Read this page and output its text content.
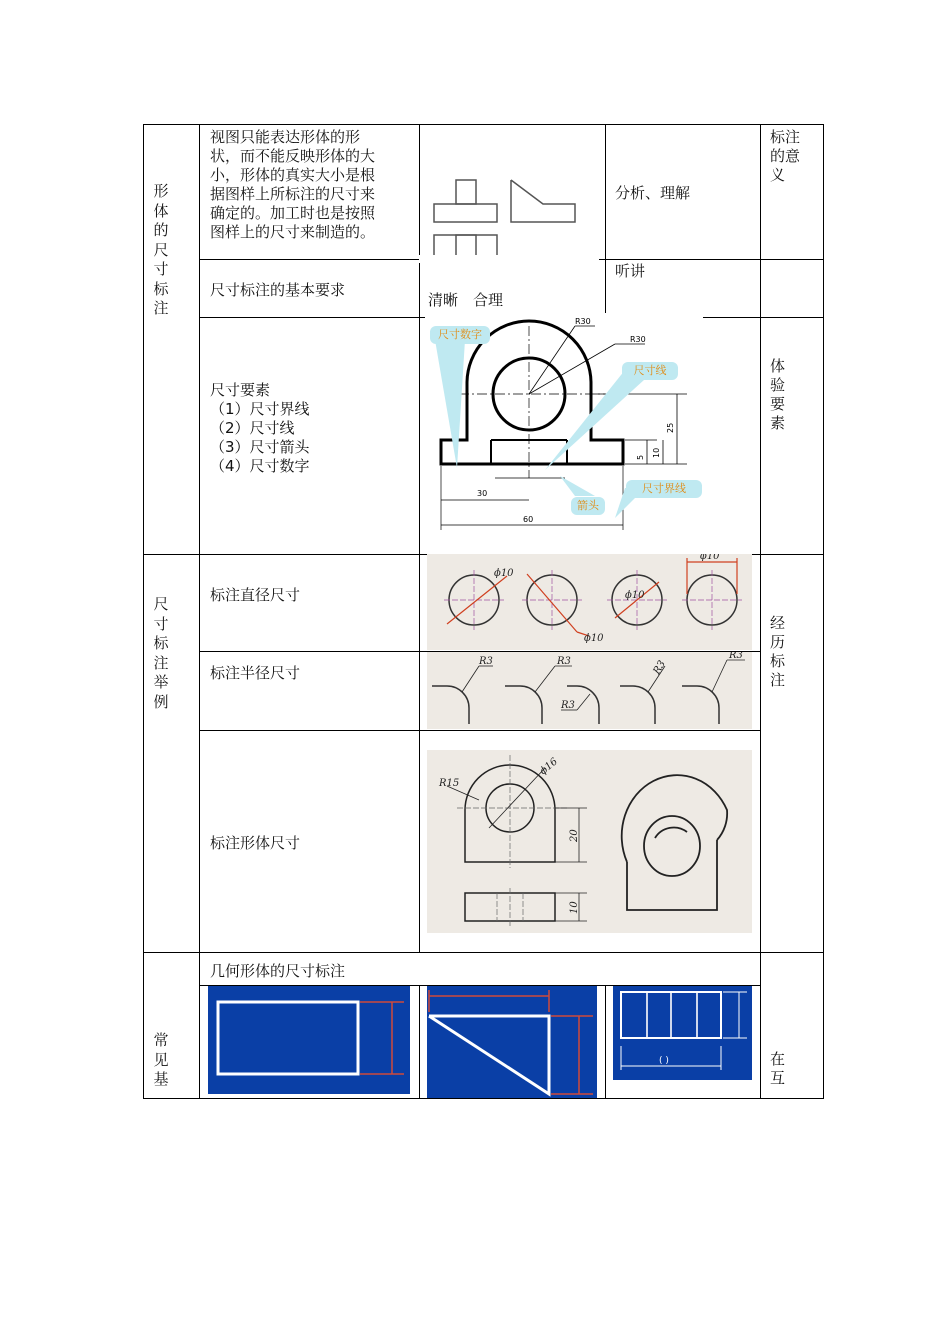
形体的尺寸标注
尺寸标注举例
常见基
视图只能表达形体的形状，而不能反映形体的大小，形体的真实大小是根据图样上所标注的尺寸来确定的。加工时也是按照图样上的尺寸来制造的。
分析、理解
标注的意义
尺寸标注的基本要求
清晰　合理
听讲
尺寸要素
（1）尺寸界线
（2）尺寸线
（3）尺寸箭头
（4）尺寸数字
体验要素
R30
R30
25
5 10
30
60
尺寸数字
尺寸线
箭头
尺寸界线
标注直径尺寸
ϕ10
ϕ10
ϕ10
ϕ10
标注半径尺寸
R3	R3
R3
R3
R3
标注形体尺寸
R15
ϕ16
20
10
经历标注
几何形体的尺寸标注
在互
( )
